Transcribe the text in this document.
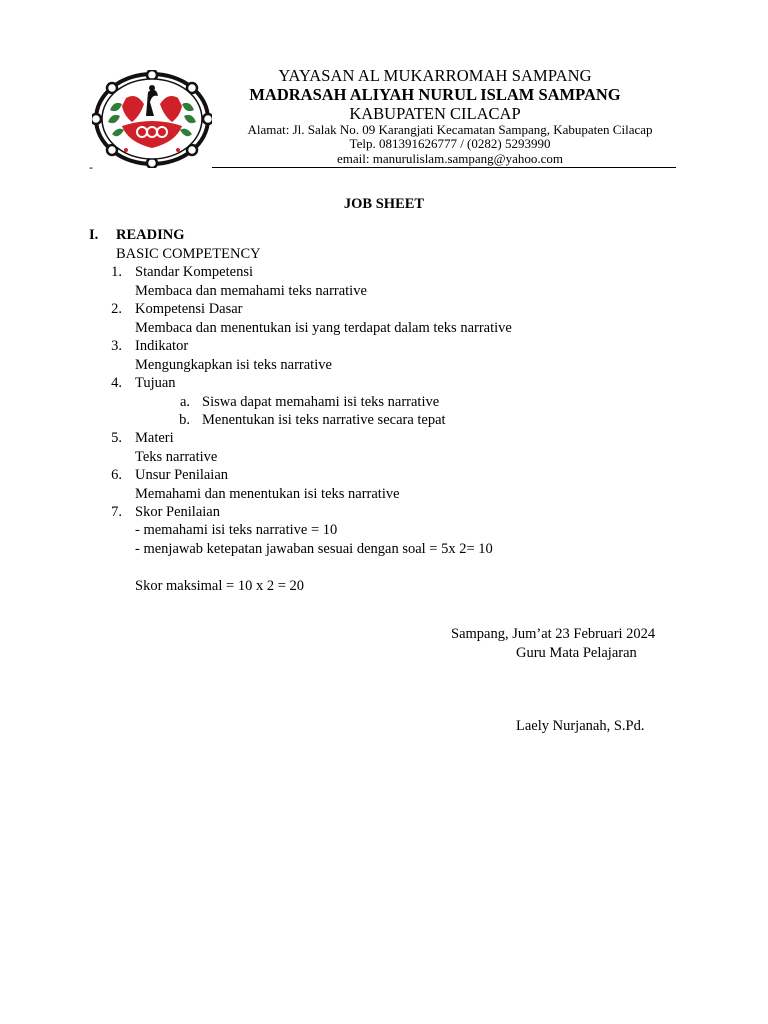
YAYASAN AL MUKARROMAH SAMPANG
MADRASAH ALIYAH NURUL ISLAM SAMPANG
KABUPATEN CILACAP
Alamat: Jl. Salak No. 09 Karangjati Kecamatan Sampang, Kabupaten Cilacap
Telp. 081391626777 / (0282) 5293990
email: manurulislam.sampang@yahoo.com
-
JOB SHEET
I. READING
BASIC COMPETENCY
1. Standar Kompetensi
Membaca dan memahami teks narrative
2. Kompetensi Dasar
Membaca dan menentukan isi yang terdapat dalam teks narrative
3. Indikator
Mengungkapkan isi teks narrative
4. Tujuan
a. Siswa dapat memahami isi teks narrative
b. Menentukan isi teks narrative secara tepat
5. Materi
Teks narrative
6. Unsur Penilaian
Memahami dan menentukan isi teks narrative
7. Skor Penilaian
- memahami isi teks narrative = 10
- menjawab ketepatan jawaban sesuai dengan soal = 5x 2= 10
Skor maksimal = 10 x 2 = 20
Sampang, Jum’at 23 Februari 2024
Guru Mata Pelajaran
Laely Nurjanah, S.Pd.
